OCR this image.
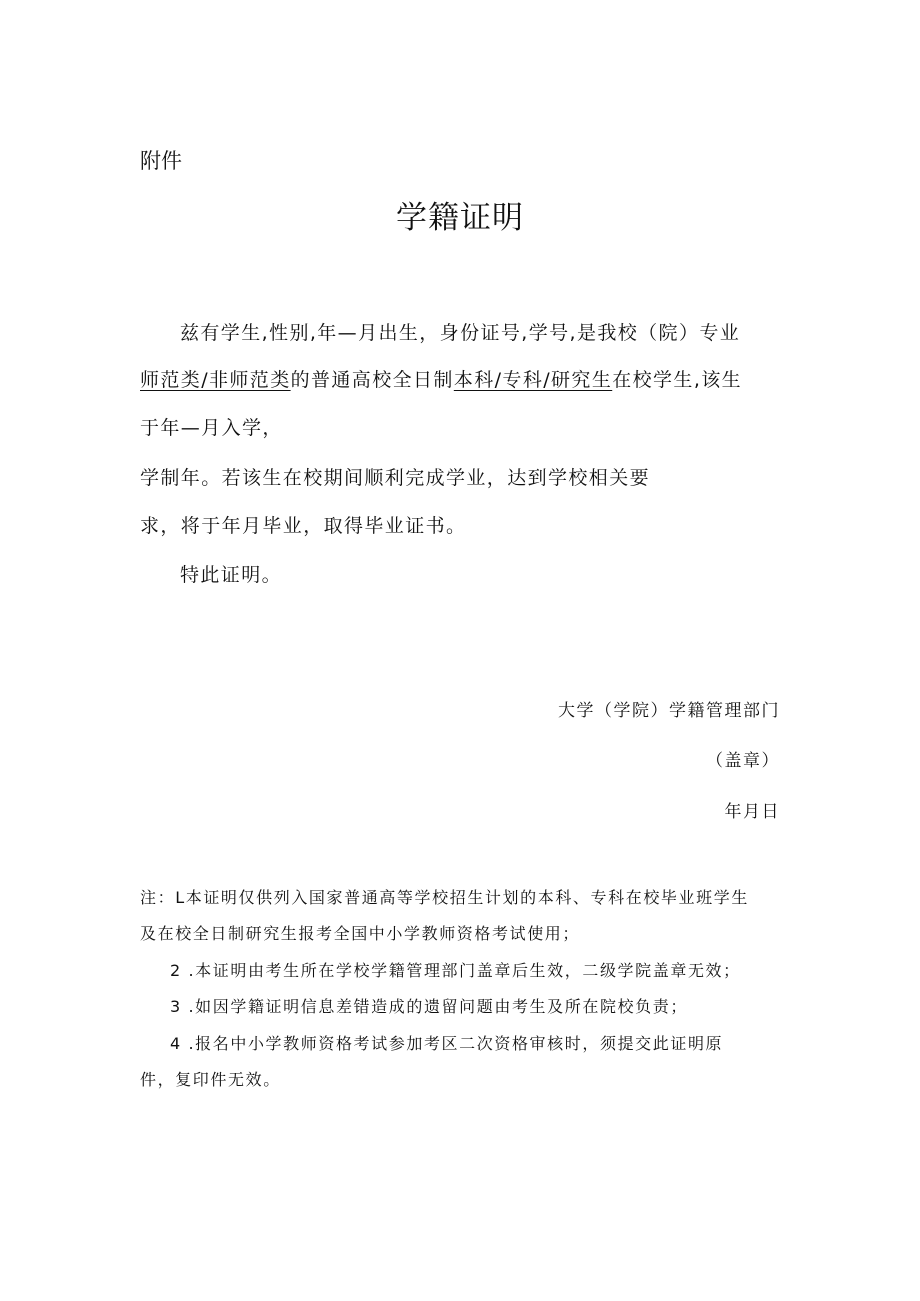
附件
学籍证明
兹有学生,性别,年—月出生，身份证号,学号,是我校（院）专业
师范类/非师范类的普通高校全日制本科/专科/研究生在校学生,该生
于年—月入学，
学制年。若该生在校期间顺利完成学业，达到学校相关要
求，将于年月毕业，取得毕业证书。
特此证明。
大学（学院）学籍管理部门
（盖章）
年月日
注：L本证明仅供列入国家普通高等学校招生计划的本科、专科在校毕业班学生
及在校全日制研究生报考全国中小学教师资格考试使用；
2 .本证明由考生所在学校学籍管理部门盖章后生效，二级学院盖章无效；
3 .如因学籍证明信息差错造成的遗留问题由考生及所在院校负责；
4 .报名中小学教师资格考试参加考区二次资格审核时，须提交此证明原
件，复印件无效。
